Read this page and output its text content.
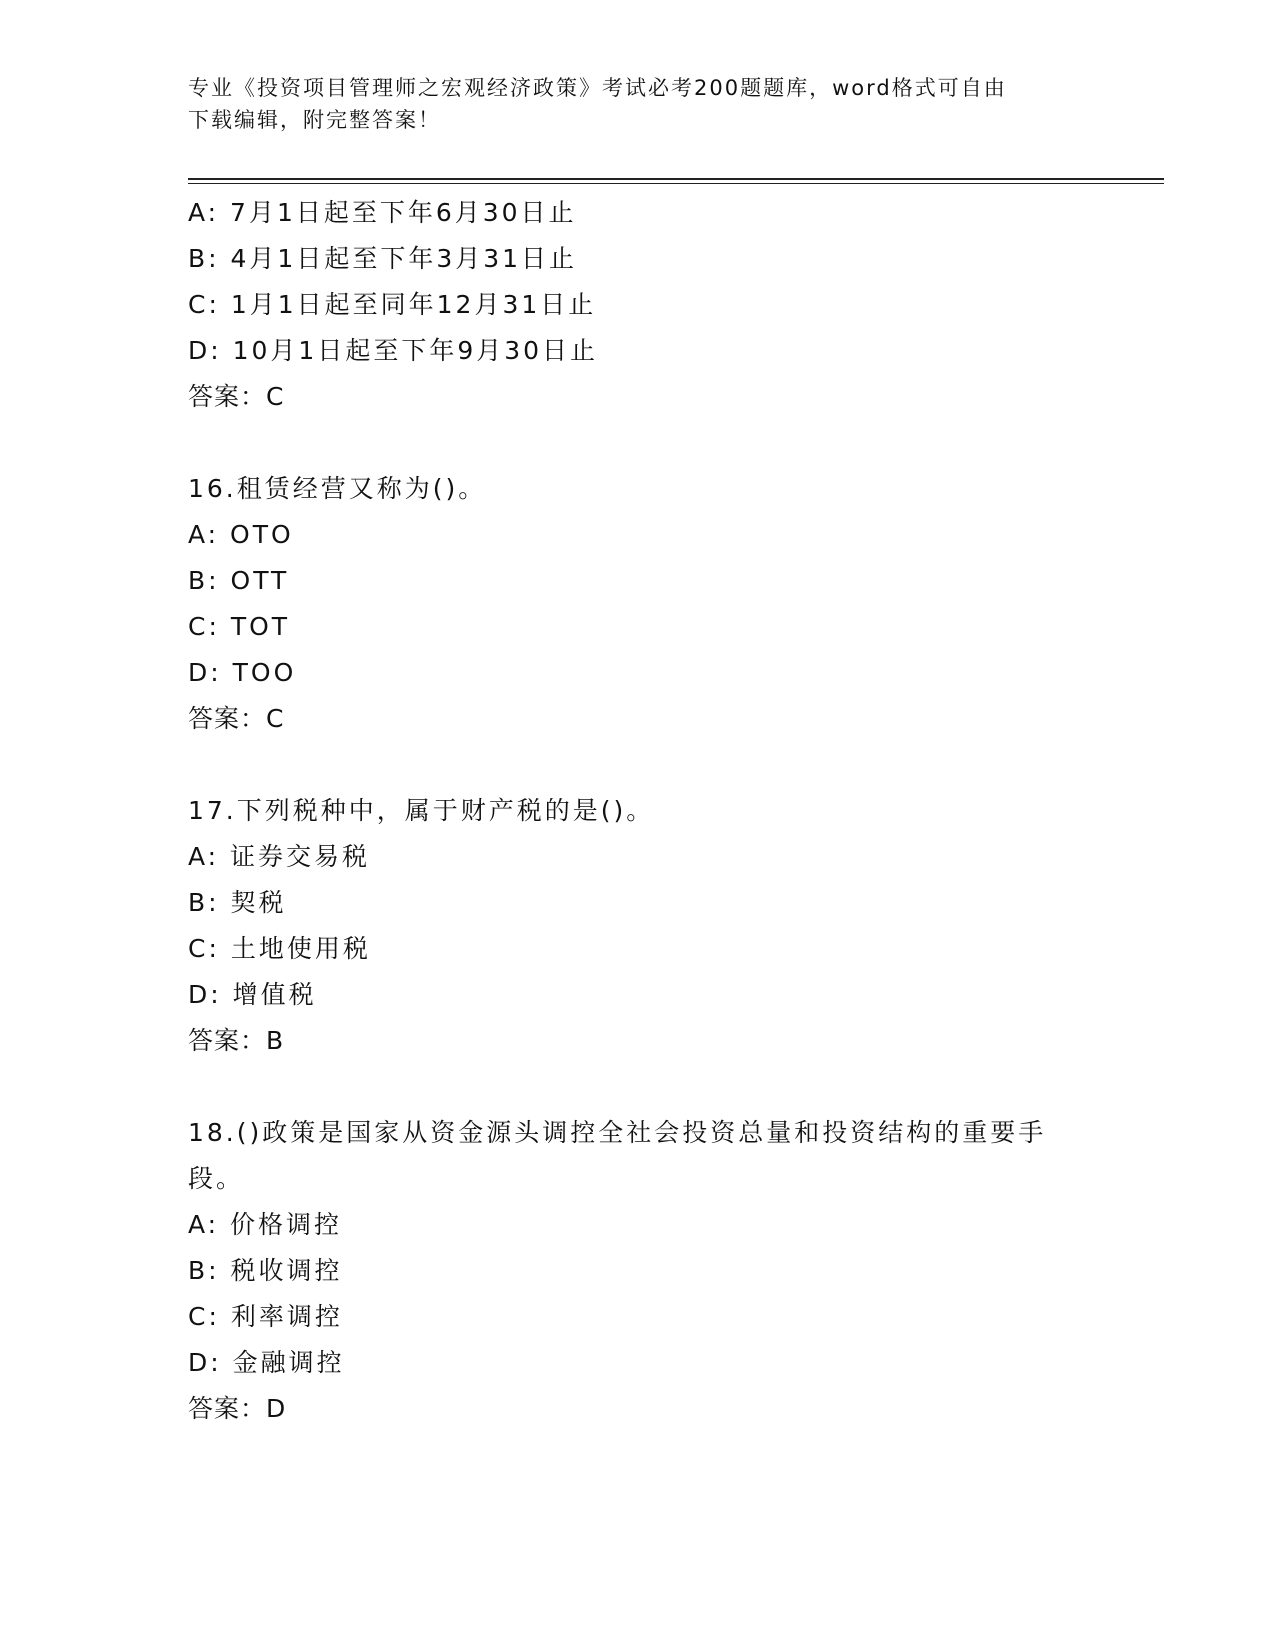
专业《投资项目管理师之宏观经济政策》考试必考200题题库，word格式可自由
下载编辑，附完整答案！
A: 7月1日起至下年6月30日止
B: 4月1日起至下年3月31日止
C: 1月1日起至同年12月31日止
D: 10月1日起至下年9月30日止
答案：C
16.租赁经营又称为()。
A: OTO
B: OTT
C: TOT
D: TOO
答案：C
17.下列税种中，属于财产税的是()。
A: 证券交易税
B: 契税
C: 土地使用税
D: 增值税
答案：B
18.()政策是国家从资金源头调控全社会投资总量和投资结构的重要手段。
A: 价格调控
B: 税收调控
C: 利率调控
D: 金融调控
答案：D
